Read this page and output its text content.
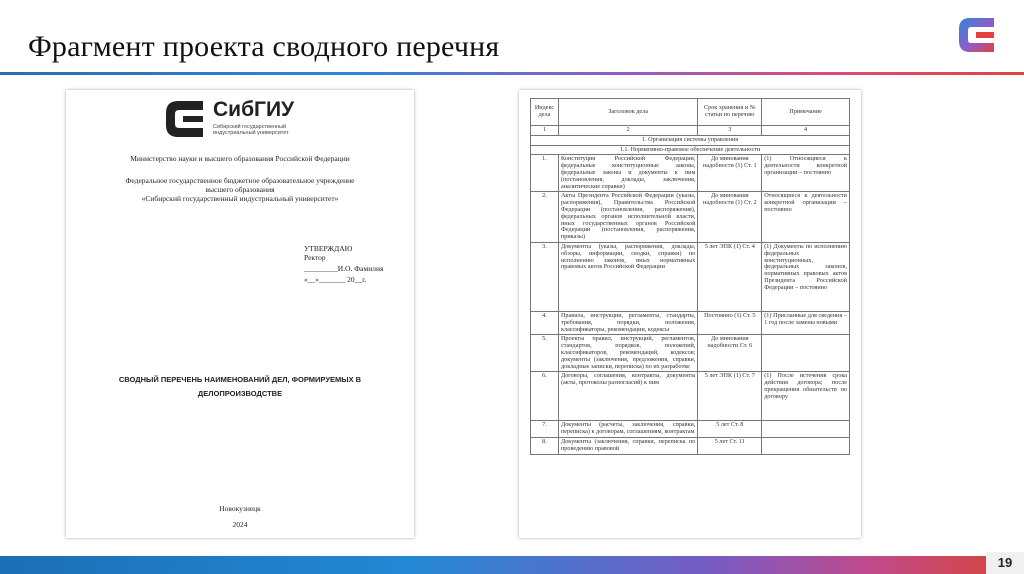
Фрагмент проекта сводного перечня
СибГИУ
Сибирский государственный индустриальный университет
Министерство науки и высшего образования Российской Федерации
Федеральное государственное бюджетное образовательное учреждение
высшего образования
«Сибирский государственный индустриальный университет»
УТВЕРЖДАЮ
Ректор
_________И.О. Фамилия
«__»_______ 20__г.
СВОДНЫЙ ПЕРЕЧЕНЬ НАИМЕНОВАНИЙ ДЕЛ, ФОРМИРУЕМЫХ В
ДЕЛОПРОИЗВОДСТВЕ
Новокузнецк
2024
Индекс дела	Заголовок дела	Срок хранения и № статьи по перечню	Примечание
1	2	3	4
1. Организация системы управления			
1.1. Нормативно-правовое обеспечение деятельности			
1.	Конституция Российской Федерации, федеральные конституционные законы, федеральные законы и документы к ним (постановления, доклады, заключения, аналитические справки)	До минования надобности (1) Ст. 1	(1) Относящиеся к деятельности конкретной организации – постоянно
2.	Акты Президента Российской Федерации (указы, распоряжения), Правительства Российской Федерации (постановления, распоряжения), федеральных органов исполнительной власти, иных государственных органов Российской Федерации (постановления, распоряжения, приказы)	До минования надобности (1) Ст. 2	Относящиеся к деятельности конкретной организации – постоянно
3.	Документы (указы, распоряжения, доклады, обзоры, информации, сводки, справки) по исполнению законов, иных нормативных правовых актов Российской Федерации	5 лет ЭПК (1) Ст. 4	(1) Документы по исполнению федеральных конституционных, федеральных законов, нормативных правовых актов Президента Российской Федерации – постоянно
4.	Правила, инструкции, регламенты, стандарты, требования, порядки, положения, классификаторы, рекомендации, кодексы	Постоянно (1) Ст. 5	(1) Присланные для сведения – 1 год после замены новыми
5.	Проекты правил, инструкций, регламентов, стандартов, порядков, положений, классификаторов, рекомендаций, кодексов; документы (заключения, предложения, справки, докладные записки, переписка) по их разработке	До минования надобности Ст. 6	
6.	Договоры, соглашения, контракты, документы (акты, протоколы разногласий) к ним	5 лет ЭПК (1) Ст. 7	(1) После истечения срока действия договора; после прекращения обязательств по договору
7.	Документы (расчеты, заключения, справки, переписка) к договорам, соглашениям, контрактам	5 лет Ст. 8	
8.	Документы (заключения, справки, переписка по проведению правовой	5 лет Ст. 11	
19
